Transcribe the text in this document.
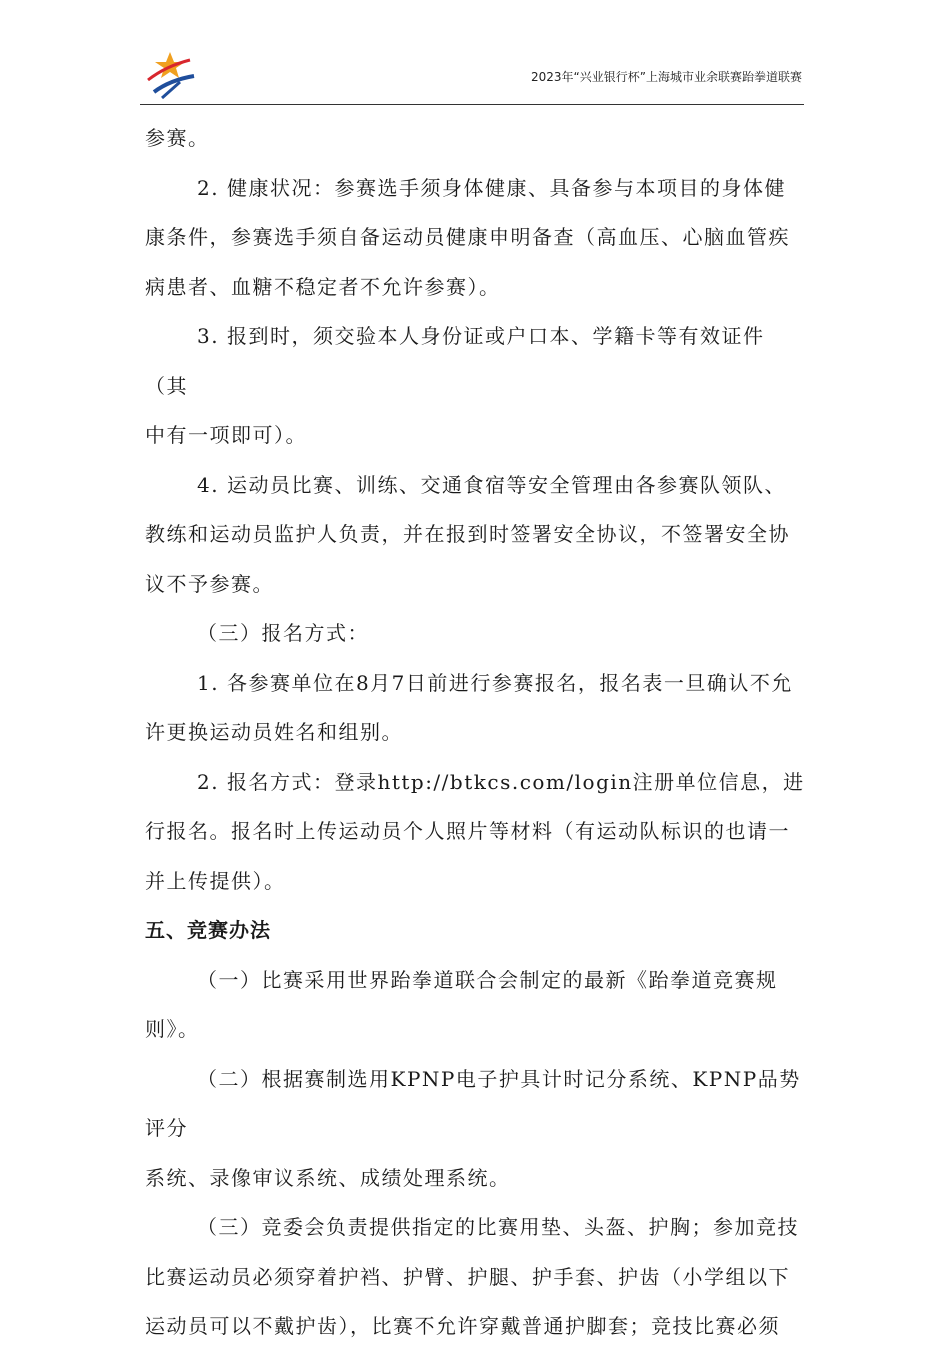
2023年“兴业银行杯”上海城市业余联赛跆拳道联赛

参赛。

2. 健康状况：参赛选手须身体健康、具备参与本项目的身体健

康条件，参赛选手须自备运动员健康申明备查（高血压、心脑血管疾

病患者、血糖不稳定者不允许参赛）。

3. 报到时，须交验本人身份证或户口本、学籍卡等有效证件（其

中有一项即可）。

4. 运动员比赛、训练、交通食宿等安全管理由各参赛队领队、

教练和运动员监护人负责，并在报到时签署安全协议，不签署安全协

议不予参赛。

（三）报名方式：

1. 各参赛单位在8月7日前进行参赛报名，报名表一旦确认不允

许更换运动员姓名和组别。

2. 报名方式：登录http://btkcs.com/login注册单位信息，进

行报名。报名时上传运动员个人照片等材料（有运动队标识的也请一

并上传提供）。

五、竞赛办法

（一）比赛采用世界跆拳道联合会制定的最新《跆拳道竞赛规则》。

（二）根据赛制选用KPNP电子护具计时记分系统、KPNP品势评分

系统、录像审议系统、成绩处理系统。

（三）竞委会负责提供指定的比赛用垫、头盔、护胸；参加竞技

比赛运动员必须穿着护裆、护臂、护腿、护手套、护齿（小学组以下

运动员可以不戴护齿），比赛不允许穿戴普通护脚套；竞技比赛必须
